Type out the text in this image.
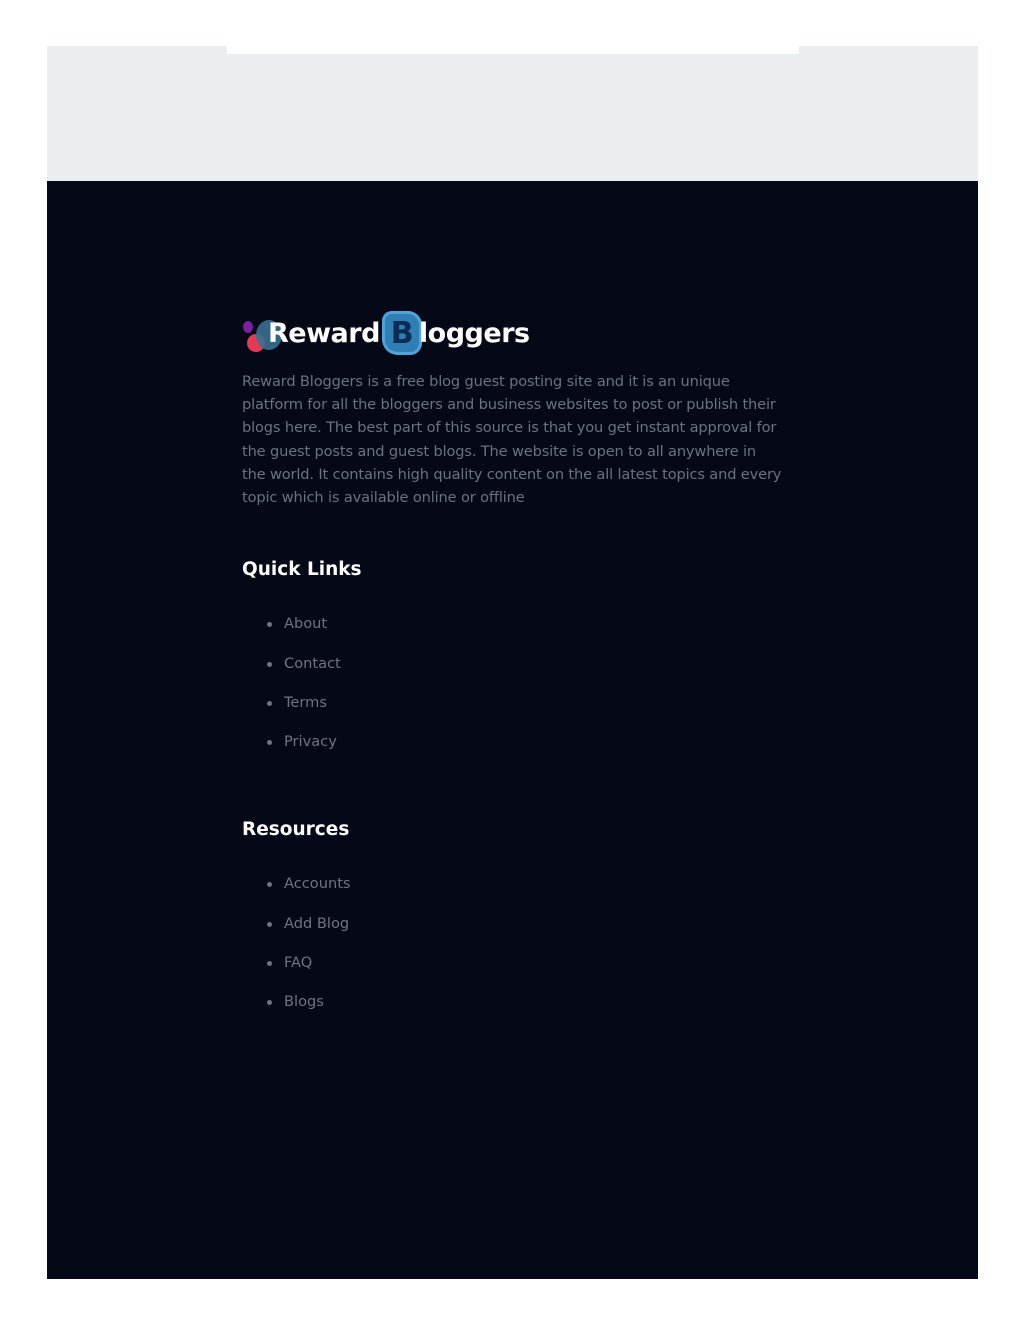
Reward B loggers

Reward Bloggers is a free blog guest posting site and it is an unique platform for all the bloggers and business websites to post or publish their blogs here. The best part of this source is that you get instant approval for the guest posts and guest blogs. The website is open to all anywhere in the world. It contains high quality content on the all latest topics and every topic which is available online or offline

Quick Links
About
Contact
Terms
Privacy
Resources
Accounts
Add Blog
FAQ
Blogs
